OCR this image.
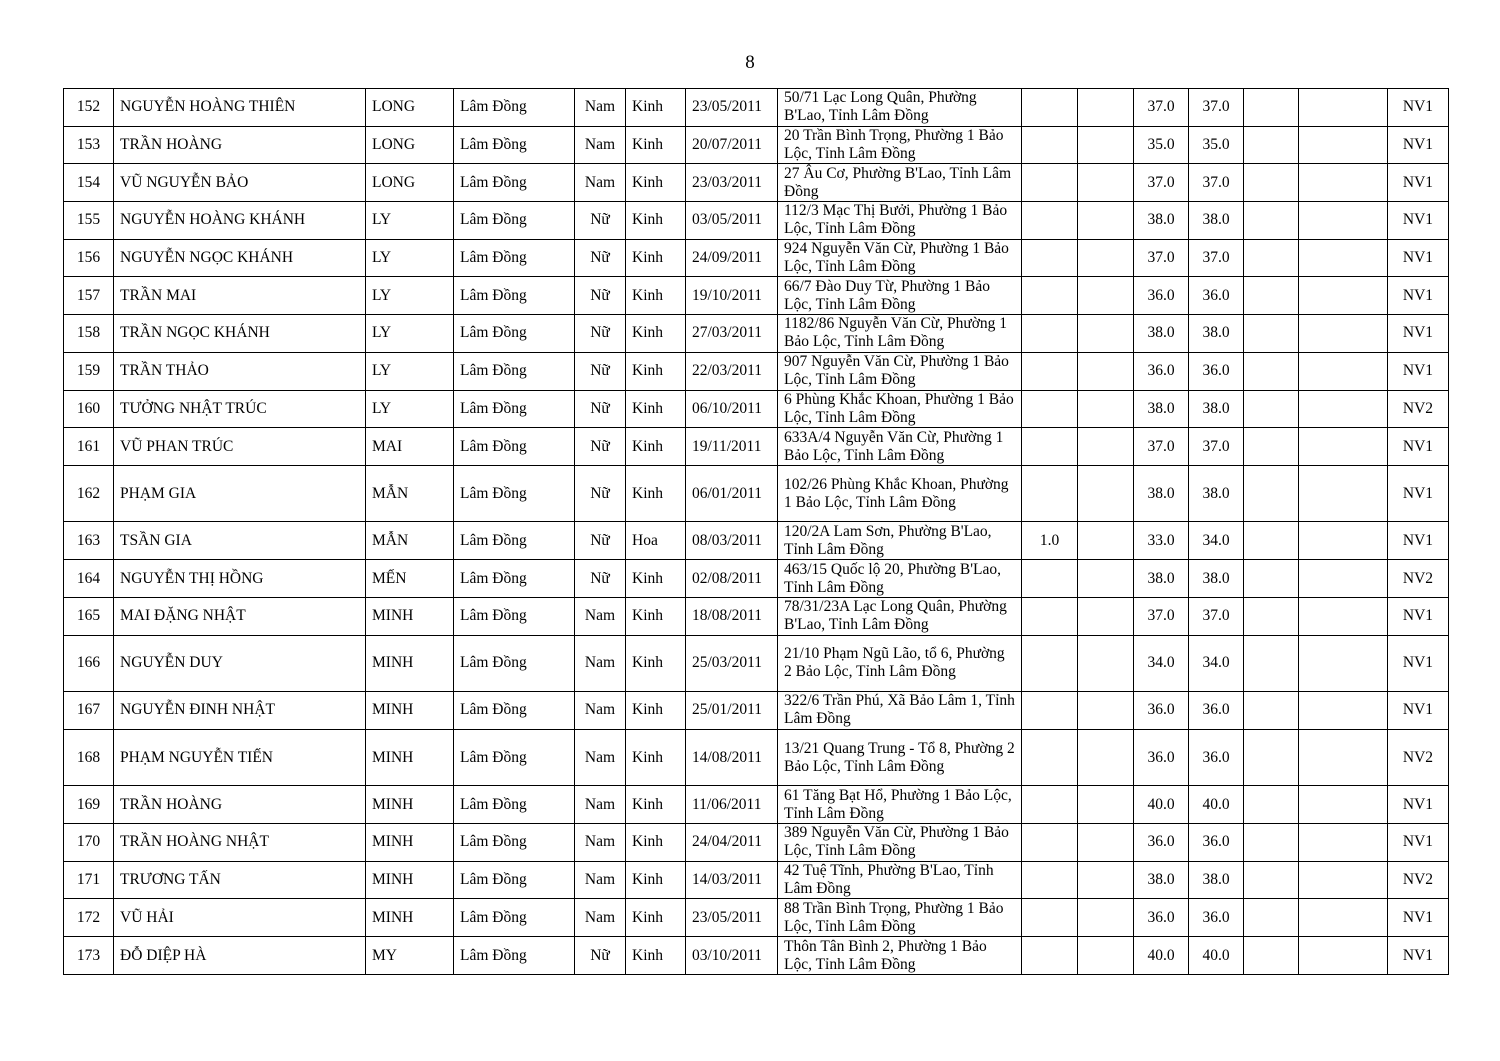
8
152	NGUYỄN HOÀNG THIÊN	LONG	Lâm Đồng	Nam	Kinh	23/05/2011	50/71 Lạc Long Quân, Phường B'Lao, Tỉnh Lâm Đồng			37.0	37.0			NV1
153	TRẦN HOÀNG	LONG	Lâm Đồng	Nam	Kinh	20/07/2011	20 Trần Bình Trọng, Phường 1 Bảo Lộc, Tỉnh Lâm Đồng			35.0	35.0			NV1
154	VŨ NGUYỄN BẢO	LONG	Lâm Đồng	Nam	Kinh	23/03/2011	27 Âu Cơ, Phường B'Lao, Tỉnh Lâm Đồng			37.0	37.0			NV1
155	NGUYỄN HOÀNG KHÁNH	LY	Lâm Đồng	Nữ	Kinh	03/05/2011	112/3 Mạc Thị Bưởi, Phường 1 Bảo Lộc, Tỉnh Lâm Đồng			38.0	38.0			NV1
156	NGUYỄN NGỌC KHÁNH	LY	Lâm Đồng	Nữ	Kinh	24/09/2011	924 Nguyễn Văn Cừ, Phường 1 Bảo Lộc, Tỉnh Lâm Đồng			37.0	37.0			NV1
157	TRẦN MAI	LY	Lâm Đồng	Nữ	Kinh	19/10/2011	66/7 Đào Duy Từ, Phường 1 Bảo Lộc, Tỉnh Lâm Đồng			36.0	36.0			NV1
158	TRẦN NGỌC KHÁNH	LY	Lâm Đồng	Nữ	Kinh	27/03/2011	1182/86 Nguyễn Văn Cừ, Phường 1 Bảo Lộc, Tỉnh Lâm Đồng			38.0	38.0			NV1
159	TRẦN THẢO	LY	Lâm Đồng	Nữ	Kinh	22/03/2011	907 Nguyễn Văn Cừ, Phường 1 Bảo Lộc, Tỉnh Lâm Đồng			36.0	36.0			NV1
160	TƯỞNG NHẬT TRÚC	LY	Lâm Đồng	Nữ	Kinh	06/10/2011	6 Phùng Khắc Khoan, Phường 1 Bảo Lộc, Tỉnh Lâm Đồng			38.0	38.0			NV2
161	VŨ PHAN TRÚC	MAI	Lâm Đồng	Nữ	Kinh	19/11/2011	633A/4 Nguyễn Văn Cừ, Phường 1 Bảo Lộc, Tỉnh Lâm Đồng			37.0	37.0			NV1
162	PHẠM GIA	MẪN	Lâm Đồng	Nữ	Kinh	06/01/2011	102/26 Phùng Khắc Khoan, Phường 1 Bảo Lộc, Tỉnh Lâm Đồng			38.0	38.0			NV1
163	TSẦN GIA	MẪN	Lâm Đồng	Nữ	Hoa	08/03/2011	120/2A Lam Sơn, Phường B'Lao, Tỉnh Lâm Đồng	1.0		33.0	34.0			NV1
164	NGUYỄN THỊ HỒNG	MẾN	Lâm Đồng	Nữ	Kinh	02/08/2011	463/15 Quốc lộ 20, Phường B'Lao, Tỉnh Lâm Đồng			38.0	38.0			NV2
165	MAI ĐẶNG NHẬT	MINH	Lâm Đồng	Nam	Kinh	18/08/2011	78/31/23A Lạc Long Quân, Phường B'Lao, Tỉnh Lâm Đồng			37.0	37.0			NV1
166	NGUYỄN DUY	MINH	Lâm Đồng	Nam	Kinh	25/03/2011	21/10 Phạm Ngũ Lão, tổ 6, Phường 2 Bảo Lộc, Tỉnh Lâm Đồng			34.0	34.0			NV1
167	NGUYỄN ĐINH NHẬT	MINH	Lâm Đồng	Nam	Kinh	25/01/2011	322/6 Trần Phú, Xã Bảo Lâm 1, Tỉnh Lâm Đồng			36.0	36.0			NV1
168	PHẠM NGUYỄN TIẾN	MINH	Lâm Đồng	Nam	Kinh	14/08/2011	13/21 Quang Trung - Tổ 8, Phường 2 Bảo Lộc, Tỉnh Lâm Đồng			36.0	36.0			NV2
169	TRẦN HOÀNG	MINH	Lâm Đồng	Nam	Kinh	11/06/2011	61 Tăng Bạt Hổ, Phường 1 Bảo Lộc, Tỉnh Lâm Đồng			40.0	40.0			NV1
170	TRẦN HOÀNG NHẬT	MINH	Lâm Đồng	Nam	Kinh	24/04/2011	389 Nguyễn Văn Cừ, Phường 1 Bảo Lộc, Tỉnh Lâm Đồng			36.0	36.0			NV1
171	TRƯƠNG TẤN	MINH	Lâm Đồng	Nam	Kinh	14/03/2011	42 Tuệ Tĩnh, Phường B'Lao, Tỉnh Lâm Đồng			38.0	38.0			NV2
172	VŨ HẢI	MINH	Lâm Đồng	Nam	Kinh	23/05/2011	88 Trần Bình Trọng, Phường 1 Bảo Lộc, Tỉnh Lâm Đồng			36.0	36.0			NV1
173	ĐỖ DIỆP HÀ	MY	Lâm Đồng	Nữ	Kinh	03/10/2011	Thôn Tân Bình 2, Phường 1 Bảo Lộc, Tỉnh Lâm Đồng			40.0	40.0			NV1
